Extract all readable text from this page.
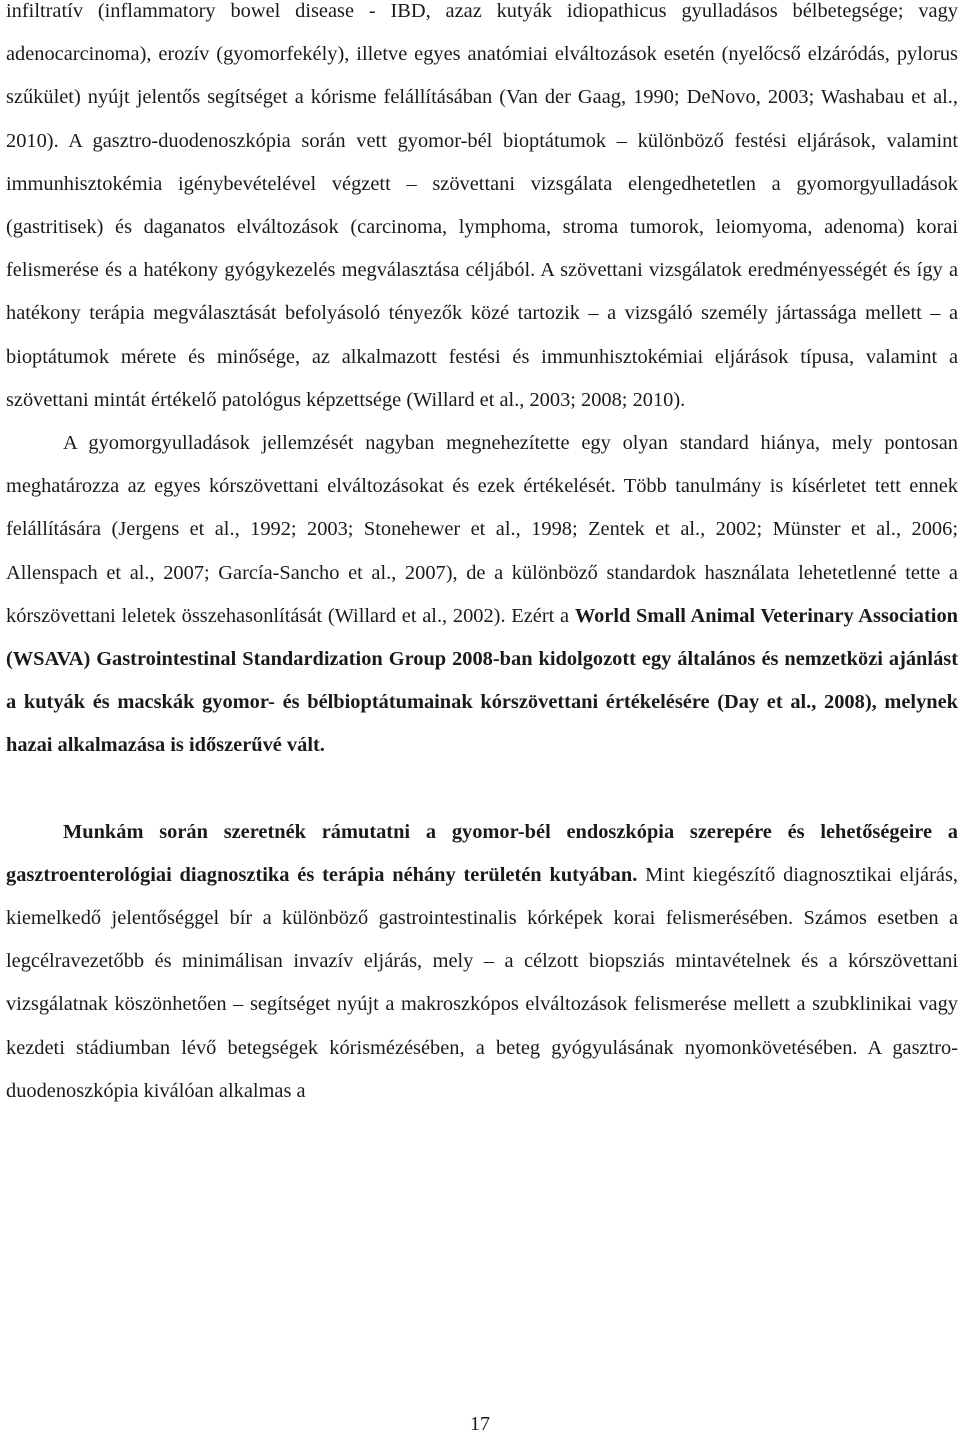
infiltratív (inflammatory bowel disease - IBD, azaz kutyák idiopathicus gyulladásos bélbetegsége; vagy adenocarcinoma), erozív (gyomorfekély), illetve egyes anatómiai elváltozások esetén (nyelőcső elzáródás, pylorus szűkület) nyújt jelentős segítséget a kórisme felállításában (Van der Gaag, 1990; DeNovo, 2003; Washabau et al., 2010). A gasztro-duodenoszkópia során vett gyomor-bél bioptátumok – különböző festési eljárások, valamint immunhisztokémia igénybevételével végzett – szövettani vizsgálata elengedhetetlen a gyomorgyulladások (gastritisek) és daganatos elváltozások (carcinoma, lymphoma, stroma tumorok, leiomyoma, adenoma) korai felismerése és a hatékony gyógykezelés megválasztása céljából. A szövettani vizsgálatok eredményességét és így a hatékony terápia megválasztását befolyásoló tényezők közé tartozik – a vizsgáló személy jártassága mellett – a bioptátumok mérete és minősége, az alkalmazott festési és immunhisztokémiai eljárások típusa, valamint a szövettani mintát értékelő patológus képzettsége (Willard et al., 2003; 2008; 2010).

A gyomorgyulladások jellemzését nagyban megnehezítette egy olyan standard hiánya, mely pontosan meghatározza az egyes kórszövettani elváltozásokat és ezek értékelését. Több tanulmány is kísérletet tett ennek felállítására (Jergens et al., 1992; 2003; Stonehewer et al., 1998; Zentek et al., 2002; Münster et al., 2006; Allenspach et al., 2007; García-Sancho et al., 2007), de a különböző standardok használata lehetetlenné tette a kórszövettani leletek összehasonlítását (Willard et al., 2002). Ezért a World Small Animal Veterinary Association (WSAVA) Gastrointestinal Standardization Group 2008-ban kidolgozott egy általános és nemzetközi ajánlást a kutyák és macskák gyomor- és bélbioptátumainak kórszövettani értékelésére (Day et al., 2008), melynek hazai alkalmazása is időszerűvé vált.

Munkám során szeretnék rámutatni a gyomor-bél endoszkópia szerepére és lehetőségeire a gasztroenterológiai diagnosztika és terápia néhány területén kutyában. Mint kiegészítő diagnosztikai eljárás, kiemelkedő jelentőséggel bír a különböző gastrointestinalis kórképek korai felismerésében. Számos esetben a legcélravezetőbb és minimálisan invazív eljárás, mely – a célzott biopsziás mintavételnek és a kórszövettani vizsgálatnak köszönhetően – segítséget nyújt a makroszkópos elváltozások felismerése mellett a szubklinikai vagy kezdeti stádiumban lévő betegségek kórismézésében, a beteg gyógyulásának nyomonkövetésében. A gasztro-duodenoszkópia kiválóan alkalmas a

17
